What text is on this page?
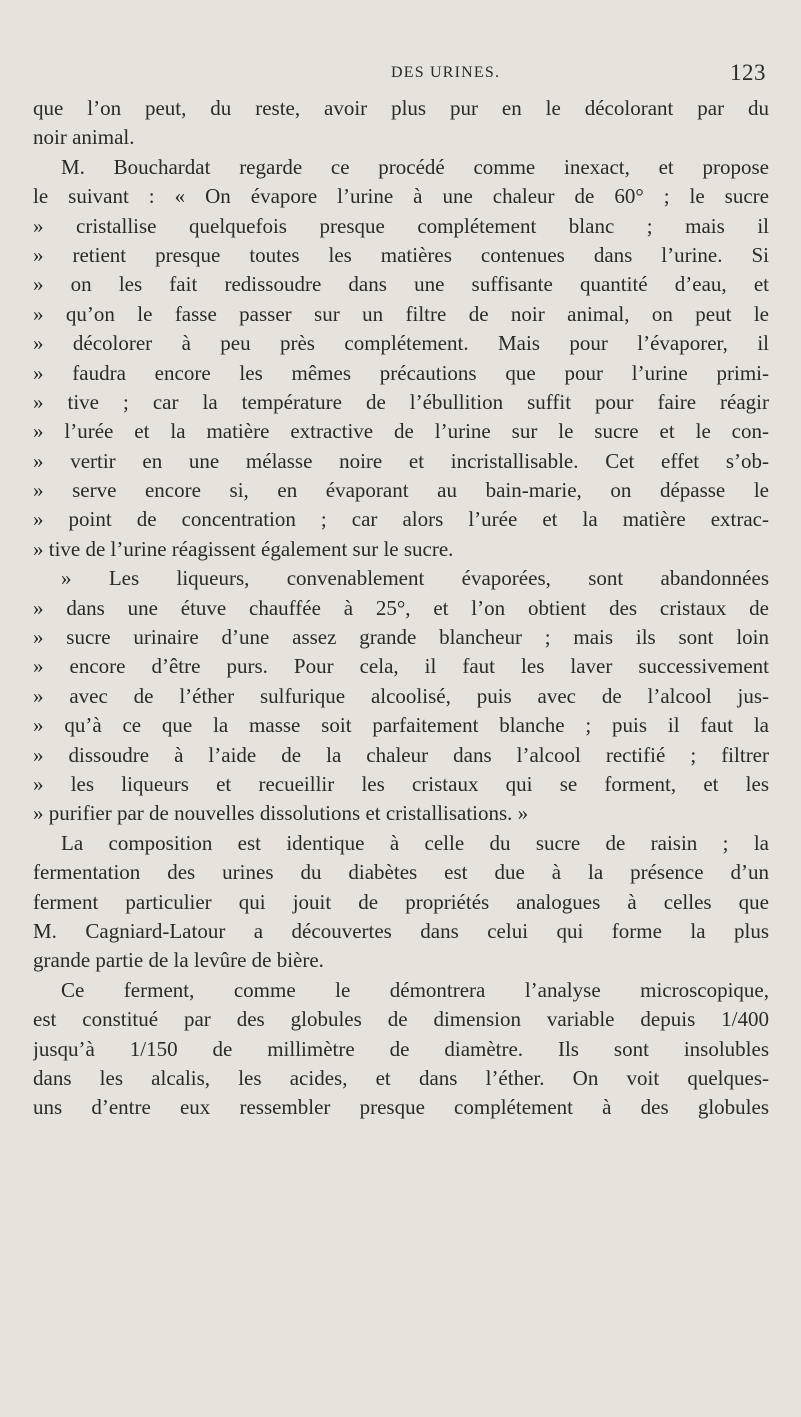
DES URINES.	123
que l’on peut, du reste, avoir plus pur en le décolorant par du
noir animal.
M. Bouchardat regarde ce procédé comme inexact, et propose
le suivant : « On évapore l’urine à une chaleur de 60° ; le sucre
» cristallise quelquefois presque complétement blanc ; mais il
» retient presque toutes les matières contenues dans l’urine. Si
» on les fait redissoudre dans une suffisante quantité d’eau, et
» qu’on le fasse passer sur un filtre de noir animal, on peut le
» décolorer à peu près complétement. Mais pour l’évaporer, il
» faudra encore les mêmes précautions que pour l’urine primi-
» tive ; car la température de l’ébullition suffit pour faire réagir
» l’urée et la matière extractive de l’urine sur le sucre et le con-
» vertir en une mélasse noire et incristallisable. Cet effet s’ob-
» serve encore si, en évaporant au bain-marie, on dépasse le
» point de concentration ; car alors l’urée et la matière extrac-
» tive de l’urine réagissent également sur le sucre.
» Les liqueurs, convenablement évaporées, sont abandonnées
» dans une étuve chauffée à 25°, et l’on obtient des cristaux de
» sucre urinaire d’une assez grande blancheur ; mais ils sont loin
» encore d’être purs. Pour cela, il faut les laver successivement
» avec de l’éther sulfurique alcoolisé, puis avec de l’alcool jus-
» qu’à ce que la masse soit parfaitement blanche ; puis il faut la
» dissoudre à l’aide de la chaleur dans l’alcool rectifié ; filtrer
» les liqueurs et recueillir les cristaux qui se forment, et les
» purifier par de nouvelles dissolutions et cristallisations. »
La composition est identique à celle du sucre de raisin ; la
fermentation des urines du diabètes est due à la présence d’un
ferment particulier qui jouit de propriétés analogues à celles que
M. Cagniard-Latour a découvertes dans celui qui forme la plus
grande partie de la levûre de bière.
Ce ferment, comme le démontrera l’analyse microscopique,
est constitué par des globules de dimension variable depuis 1/400
jusqu’à 1/150 de millimètre de diamètre. Ils sont insolubles
dans les alcalis, les acides, et dans l’éther. On voit quelques-
uns d’entre eux ressembler presque complétement à des globules
